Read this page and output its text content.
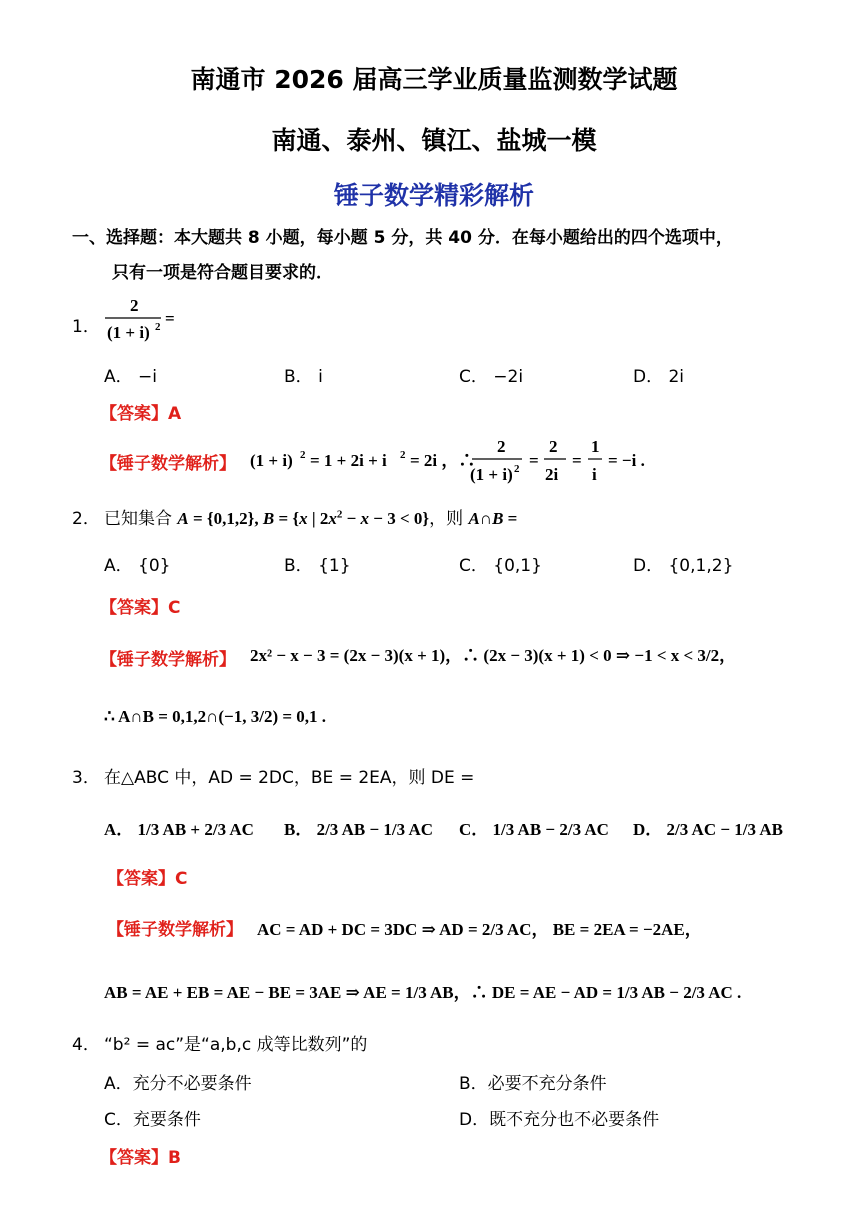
南通市 2026 届高三学业质量监测数学试题
南通、泰州、镇江、盐城一模
锤子数学精彩解析
一、选择题：本大题共 8 小题，每小题 5 分，共 40 分．在每小题给出的四个选项中，
只有一项是符合题目要求的．
1．
2
(1 + i) 2 =
A． −i	B． i	C． −2i	D． 2i
【答案】A
【锤子数学解析】 (1 + i) 2 = 1 + 2i + i 2 = 2i ，∴
2
(1 + i) 2 =
2
2i
=
1
i
= −i .
2． 已知集合 A = {0,1,2}, B = {x | $2x^2 - x - 3 < 0$}，则 A∩B =
A． {0}	B． {1}	C． {0,1}	D． {0,1,2}
【答案】C
【锤子数学解析】 2x² − x − 3 = (2x − 3)(x + 1)，∴ (2x − 3)(x + 1) < 0 ⇒ −1 < x < 3/2，
∴ A∩B = 0,1,2∩(−1, 3/2) = 0,1 .
3． 在△ABC 中，AD = 2DC，BE = 2EA，则 DE =
A． 1/3 AB + 2/3 AC B． 2/3 AB − 1/3 AC C． 1/3 AB − 2/3 AC D． 2/3 AC − 1/3 AB
【答案】C
【锤子数学解析】 AC = AD + DC = 3DC ⇒ AD = 2/3 AC， BE = 2EA = −2AE，
AB = AE + EB = AE − BE = 3AE ⇒ AE = 1/3 AB，∴ DE = AE − AD = 1/3 AB − 2/3 AC .
4． “b² = ac”是“a,b,c 成等比数列”的
A．充分不必要条件	B．必要不充分条件
C．充要条件	D．既不充分也不必要条件
【答案】B
